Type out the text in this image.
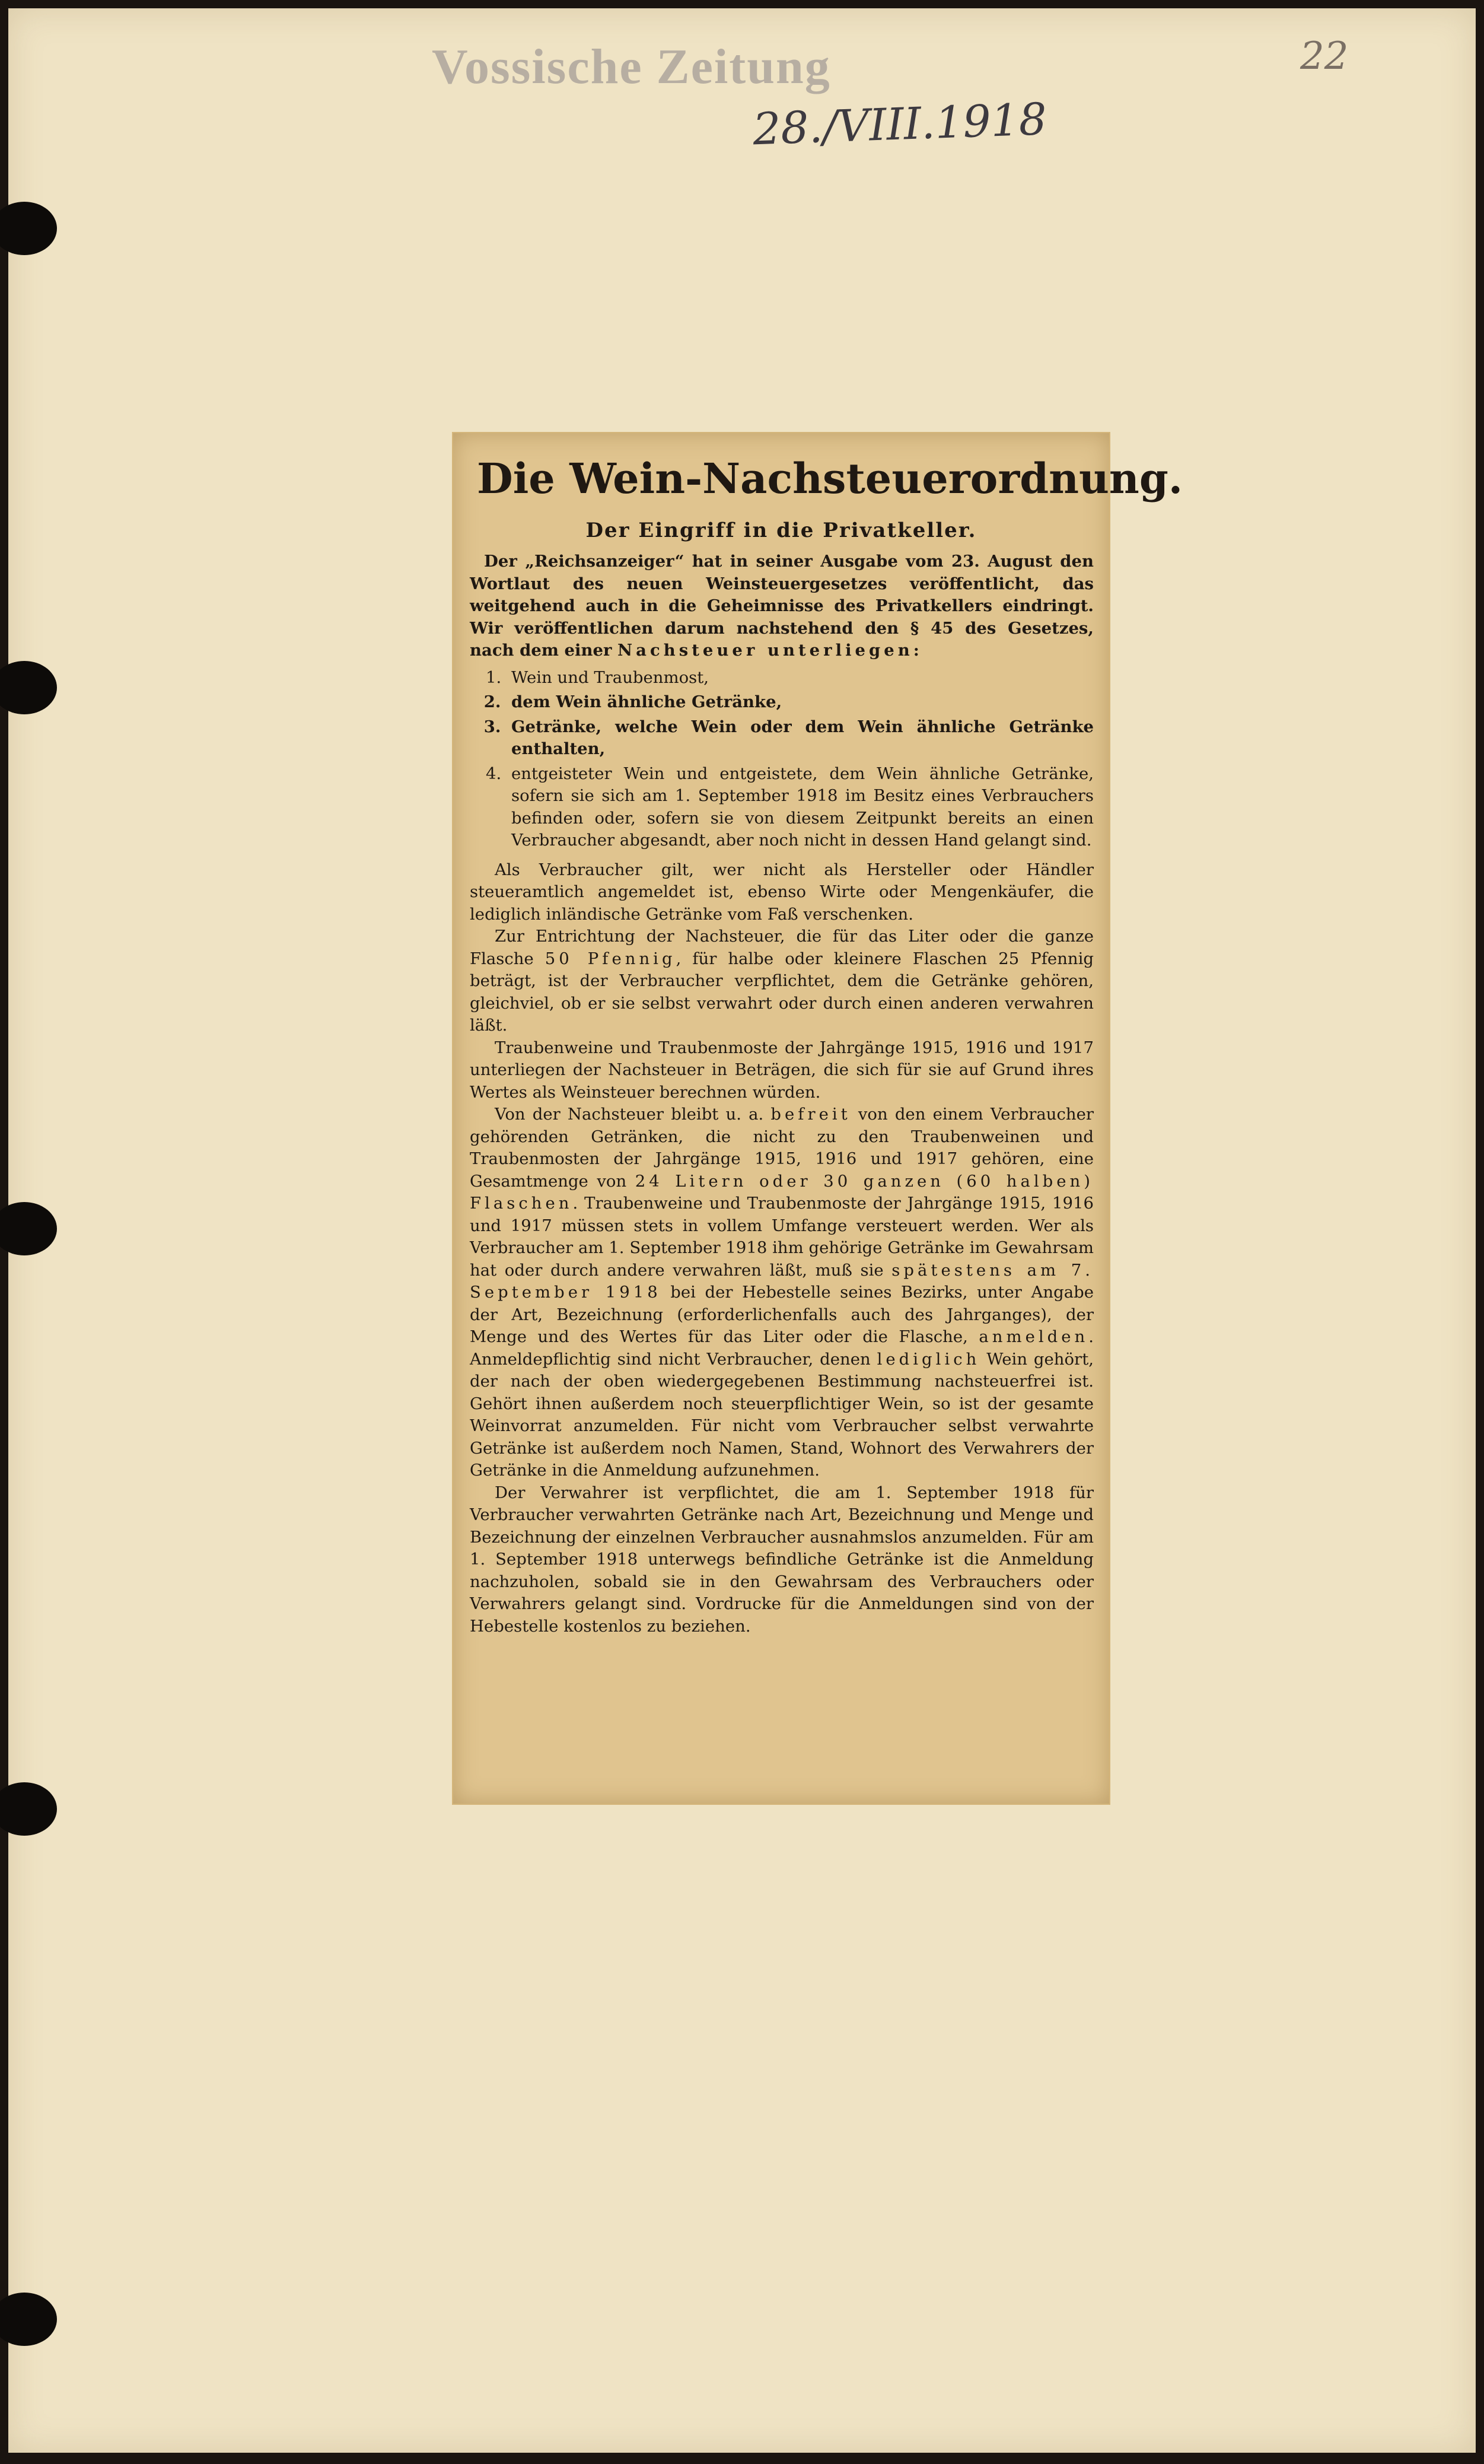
Vossische Zeitung
28./VIII.1918
22
Die Wein-Nachsteuerordnung.
Der Eingriff in die Privatkeller.

Der „Reichsanzeiger“ hat in seiner Ausgabe vom 23. August den Wortlaut des neuen Weinsteuergesetzes veröffentlicht, das weitgehend auch in die Geheimnisse des Privatkellers eindringt. Wir veröffentlichen darum nachstehend den § 45 des Gesetzes, nach dem einer Nachsteuer unterliegen:

1. Wein und Traubenmost,
2. dem Wein ähnliche Getränke,
3. Getränke, welche Wein oder dem Wein ähnliche Getränke enthalten,
4. entgeisteter Wein und entgeistete, dem Wein ähnliche Getränke, sofern sie sich am 1. September 1918 im Besitz eines Verbrauchers befinden oder, sofern sie von diesem Zeitpunkt bereits an einen Verbraucher abgesandt, aber noch nicht in dessen Hand gelangt sind.

Als Verbraucher gilt, wer nicht als Hersteller oder Händler steueramtlich angemeldet ist, ebenso Wirte oder Mengenkäufer, die lediglich inländische Getränke vom Faß verschenken.

Zur Entrichtung der Nachsteuer, die für das Liter oder die ganze Flasche 50 Pfennig, für halbe oder kleinere Flaschen 25 Pfennig beträgt, ist der Verbraucher verpflichtet, dem die Getränke gehören, gleichviel, ob er sie selbst verwahrt oder durch einen anderen verwahren läßt.

Traubenweine und Traubenmoste der Jahrgänge 1915, 1916 und 1917 unterliegen der Nachsteuer in Beträgen, die sich für sie auf Grund ihres Wertes als Weinsteuer berechnen würden.

Von der Nachsteuer bleibt u. a. befreit von den einem Verbraucher gehörenden Getränken, die nicht zu den Traubenweinen und Traubenmosten der Jahrgänge 1915, 1916 und 1917 gehören, eine Gesamtmenge von 24 Litern oder 30 ganzen (60 halben) Flaschen. Traubenweine und Traubenmoste der Jahrgänge 1915, 1916 und 1917 müssen stets in vollem Umfange versteuert werden. Wer als Verbraucher am 1. September 1918 ihm gehörige Getränke im Gewahrsam hat oder durch andere verwahren läßt, muß sie spätestens am 7. September 1918 bei der Hebestelle seines Bezirks, unter Angabe der Art, Bezeichnung (erforderlichenfalls auch des Jahrganges), der Menge und des Wertes für das Liter oder die Flasche, anmelden. Anmeldepflichtig sind nicht Verbraucher, denen lediglich Wein gehört, der nach der oben wiedergegebenen Bestimmung nachsteuerfrei ist. Gehört ihnen außerdem noch steuerpflichtiger Wein, so ist der gesamte Weinvorrat anzumelden. Für nicht vom Verbraucher selbst verwahrte Getränke ist außerdem noch Namen, Stand, Wohnort des Verwahrers der Getränke in die Anmeldung aufzunehmen.

Der Verwahrer ist verpflichtet, die am 1. September 1918 für Verbraucher verwahrten Getränke nach Art, Bezeichnung und Menge und Bezeichnung der einzelnen Verbraucher ausnahmslos anzumelden. Für am 1. September 1918 unterwegs befindliche Getränke ist die Anmeldung nachzuholen, sobald sie in den Gewahrsam des Verbrauchers oder Verwahrers gelangt sind. Vordrucke für die Anmeldungen sind von der Hebestelle kostenlos zu beziehen.
